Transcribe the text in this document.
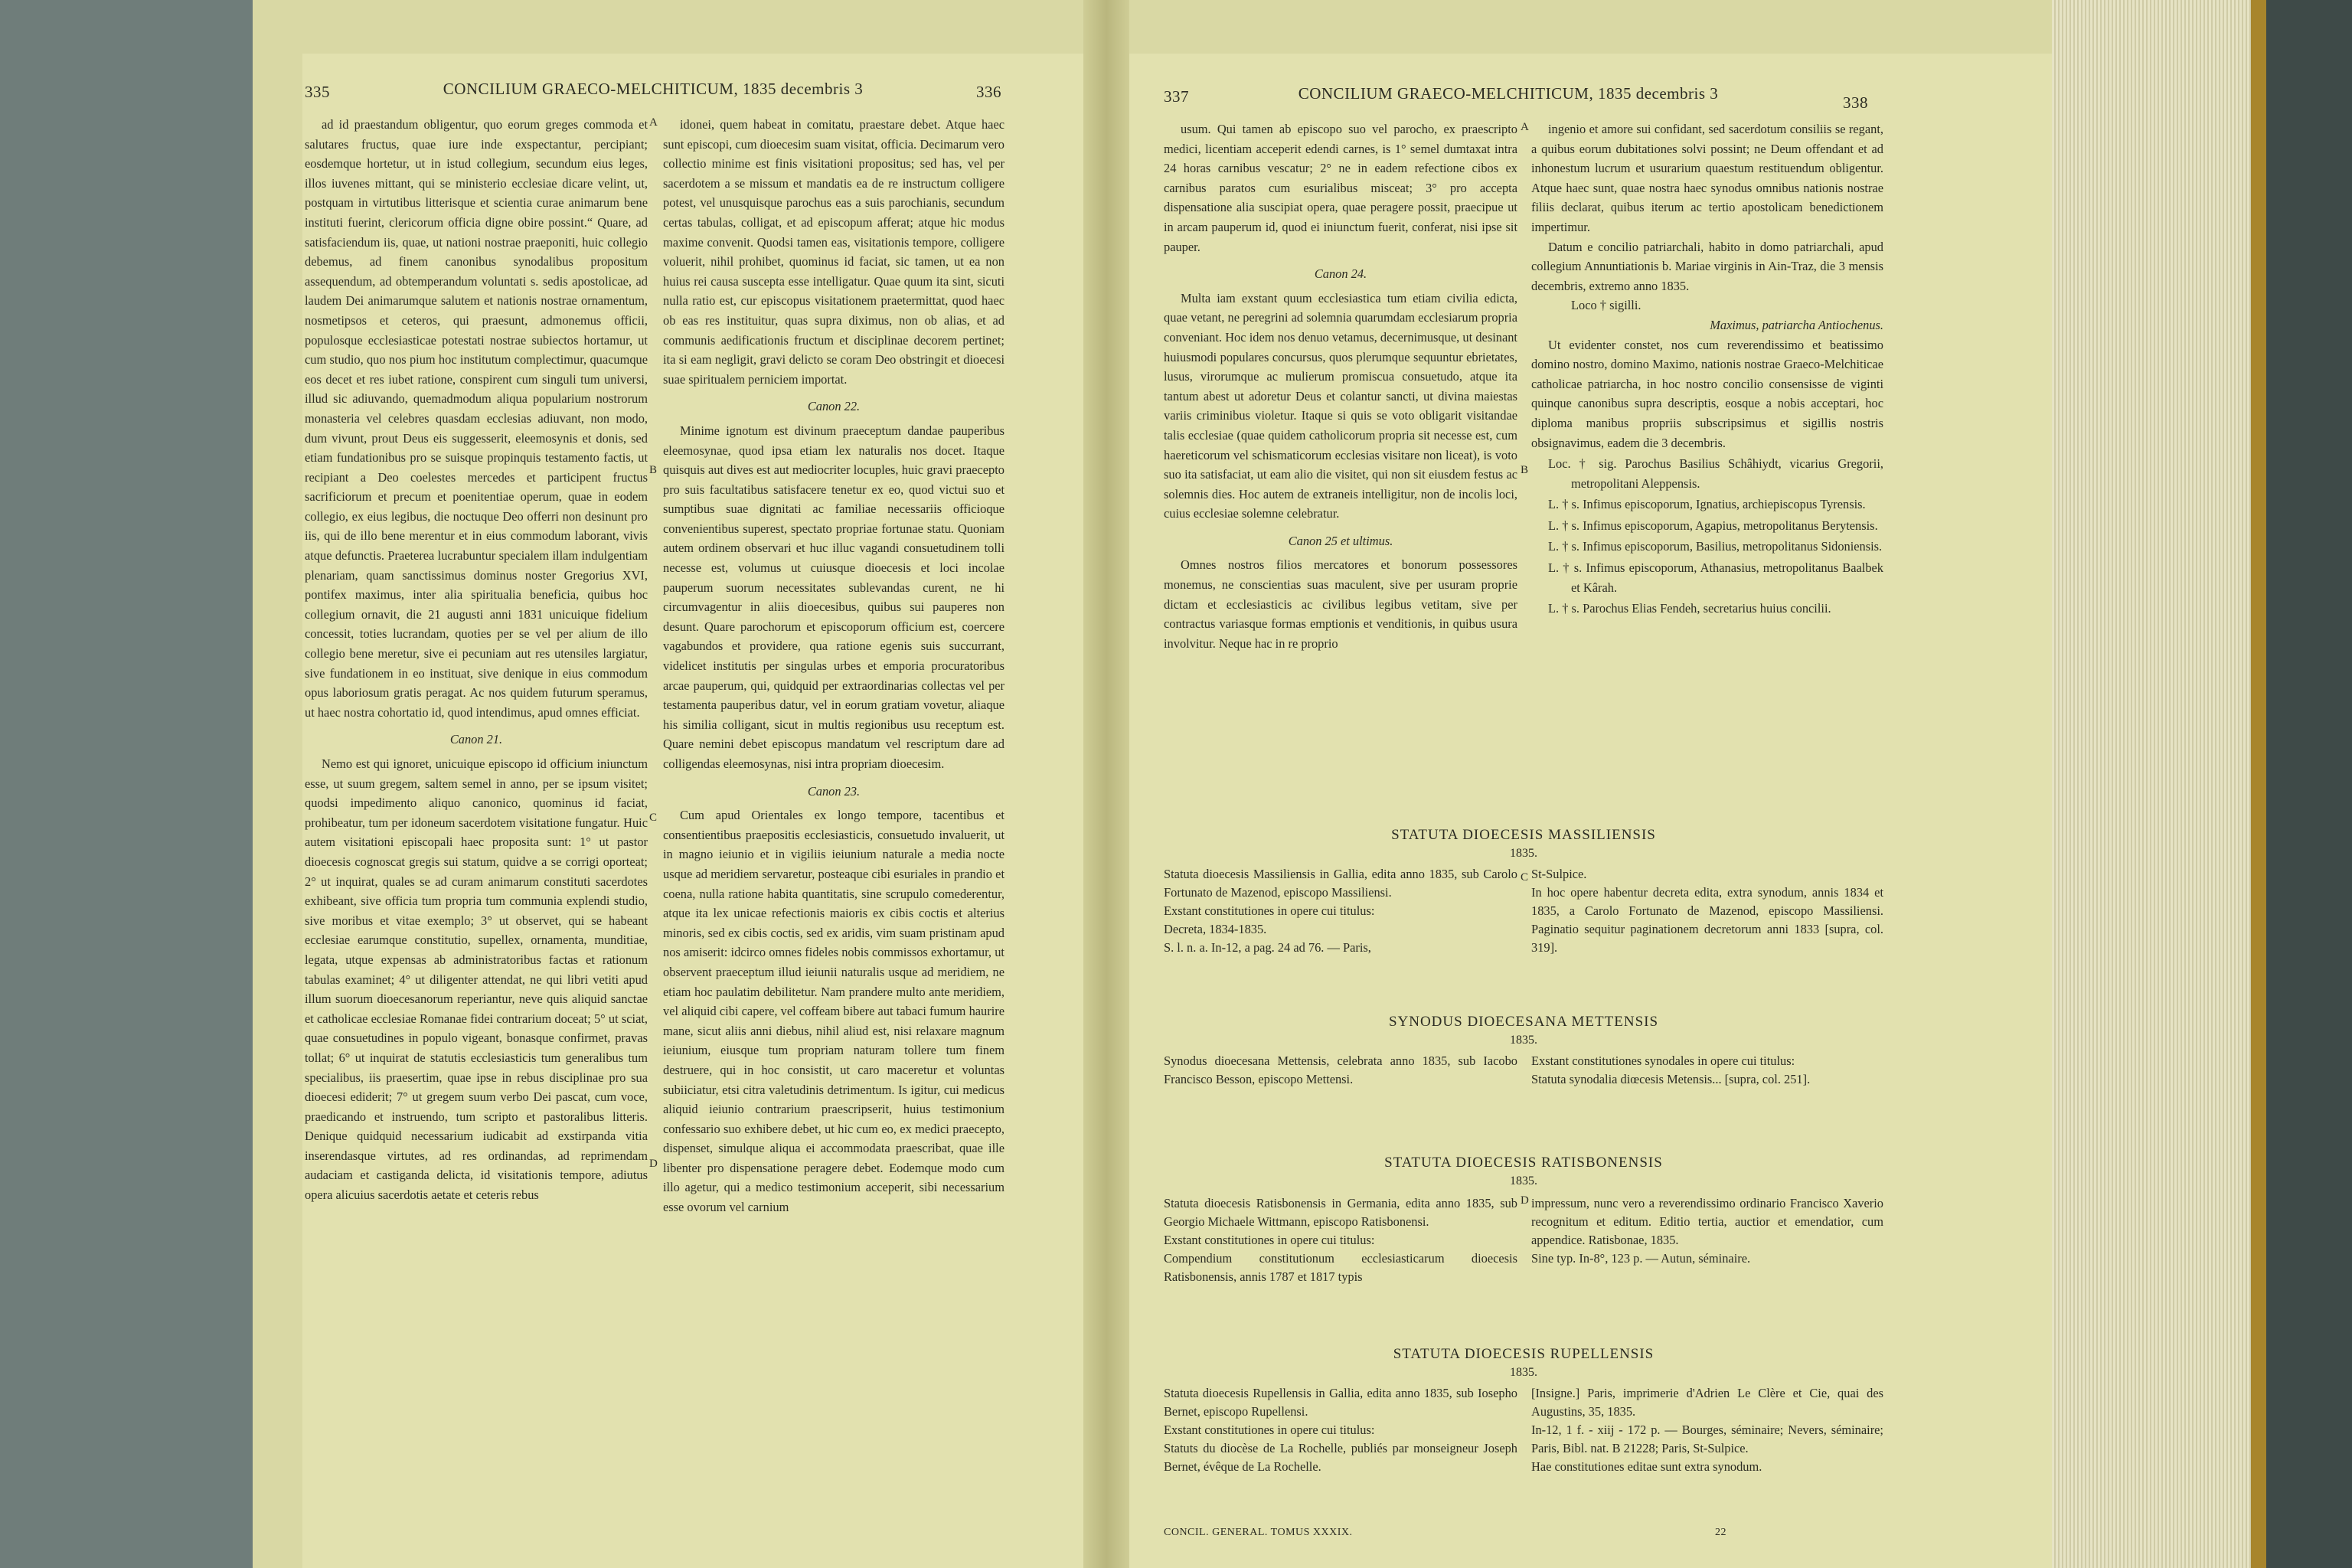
335	CONCILIUM GRAECO-MELCHITICUM, 1835 decembris 3	336

ad id praestandum obligentur, quo eorum greges commoda et salutares fructus, quae iure inde exspectantur, percipiant; eosdemque hortetur, ut in istud collegium, secundum eius leges, illos iuvenes mittant, qui se ministerio ecclesiae dicare velint, ut, postquam in virtutibus litterisque et scientia curae animarum bene instituti fuerint, clericorum officia digne obire possint.“ Quare, ad satisfaciendum iis, quae, ut nationi nostrae praeponiti, huic collegio debemus, ad finem canonibus synodalibus propositum assequendum, ad obtemperandum voluntati s. sedis apostolicae, ad laudem Dei animarumque salutem et nationis nostrae ornamentum, nosmetipsos et ceteros, qui praesunt, admonemus officii, populosque ecclesiasticae potestati nostrae subiectos hortamur, ut cum studio, quo nos pium hoc institutum complectimur, quacumque eos decet et res iubet ratione, conspirent cum singuli tum universi, illud sic adiuvando, quemadmodum aliqua popularium nostrorum monasteria vel celebres quasdam ecclesias adiuvant, non modo, dum vivunt, prout Deus eis suggesserit, eleemosynis et donis, sed etiam fundationibus pro se suisque propinquis testamento factis, ut recipiant a Deo coelestes mercedes et participent fructus sacrificiorum et precum et poenitentiae operum, quae in eodem collegio, ex eius legibus, die noctuque Deo offerri non desinunt pro iis, qui de illo bene merentur et in eius commodum laborant, vivis atque defunctis. Praeterea lucrabuntur specialem illam indulgentiam plenariam, quam sanctissimus dominus noster Gregorius XVI, pontifex maximus, inter alia spiritualia beneficia, quibus hoc collegium ornavit, die 21 augusti anni 1831 unicuique fidelium concessit, toties lucrandam, quoties per se vel per alium de illo collegio bene meretur, sive ei pecuniam aut res utensiles largiatur, sive fundationem in eo instituat, sive denique in eius commodum opus laboriosum gratis peragat. Ac nos quidem futurum speramus, ut haec nostra cohortatio id, quod intendimus, apud omnes efficiat.

Canon 21.

Nemo est qui ignoret, unicuique episcopo id officium iniunctum esse, ut suum gregem, saltem semel in anno, per se ipsum visitet; quodsi impedimento aliquo canonico, quominus id faciat, prohibeatur, tum per idoneum sacerdotem visitatione fungatur. Huic autem visitationi episcopali haec proposita sunt: 1° ut pastor dioecesis cognoscat gregis sui statum, quidve a se corrigi oporteat; 2° ut inquirat, quales se ad curam animarum constituti sacerdotes exhibeant, sive officia tum propria tum communia explendi studio, sive moribus et vitae exemplo; 3° ut observet, qui se habeant ecclesiae earumque constitutio, supellex, ornamenta, munditiae, legata, utque expensas ab administratoribus factas et rationum tabulas examinet; 4° ut diligenter attendat, ne qui libri vetiti apud illum suorum dioecesanorum reperiantur, neve quis aliquid sanctae et catholicae ecclesiae Romanae fidei contrarium doceat; 5° ut sciat, quae consuetudines in populo vigeant, bonasque confirmet, pravas tollat; 6° ut inquirat de statutis ecclesiasticis tum generalibus tum specialibus, iis praesertim, quae ipse in rebus disciplinae pro sua dioecesi ediderit; 7° ut gregem suum verbo Dei pascat, cum voce, praedicando et instruendo, tum scripto et pastoralibus litteris. Denique quidquid necessarium iudicabit ad exstirpanda vitia inserendasque virtutes, ad res ordinandas, ad reprimendam audaciam et castiganda delicta, id visitationis tempore, adiutus opera alicuius sacerdotis aetate et ceteris rebus

idonei, quem habeat in comitatu, praestare debet. Atque haec sunt episcopi, cum dioecesim suam visitat, officia. Decimarum vero collectio minime est finis visitationi propositus; sed has, vel per sacerdotem a se missum et mandatis ea de re instructum colligere potest, vel unusquisque parochus eas a suis parochianis, secundum certas tabulas, colligat, et ad episcopum afferat; atque hic modus maxime convenit. Quodsi tamen eas, visitationis tempore, colligere voluerit, nihil prohibet, quominus id faciat, sic tamen, ut ea non huius rei causa suscepta esse intelligatur. Quae quum ita sint, sicuti nulla ratio est, cur episcopus visitationem praetermittat, quod haec ob eas res instituitur, quas supra diximus, non ob alias, et ad communis aedificationis fructum et disciplinae decorem pertinet; ita si eam negligit, gravi delicto se coram Deo obstringit et dioecesi suae spiritualem perniciem importat.

Canon 22.

Minime ignotum est divinum praeceptum dandae pauperibus eleemosynae, quod ipsa etiam lex naturalis nos docet. Itaque quisquis aut dives est aut mediocriter locuples, huic gravi praecepto pro suis facultatibus satisfacere tenetur ex eo, quod victui suo et sumptibus suae dignitati ac familiae necessariis officioque convenientibus superest, spectato propriae fortunae statu. Quoniam autem ordinem observari et huc illuc vagandi consuetudinem tolli necesse est, volumus ut cuiusque dioecesis et loci incolae pauperum suorum necessitates sublevandas curent, ne hi circumvagentur in aliis dioecesibus, quibus sui pauperes non desunt. Quare parochorum et episcoporum officium est, coercere vagabundos et providere, qua ratione egenis suis succurrant, videlicet institutis per singulas urbes et emporia procuratoribus arcae pauperum, qui, quidquid per extraordinarias collectas vel per testamenta pauperibus datur, vel in eorum gratiam vovetur, aliaque his similia colligant, sicut in multis regionibus usu receptum est. Quare nemini debet episcopus mandatum vel rescriptum dare ad colligendas eleemosynas, nisi intra propriam dioecesim.

Canon 23.

Cum apud Orientales ex longo tempore, tacentibus et consentientibus praepositis ecclesiasticis, consuetudo invaluerit, ut in magno ieiunio et in vigiliis ieiunium naturale a media nocte usque ad meridiem servaretur, posteaque cibi esuriales in prandio et coena, nulla ratione habita quantitatis, sine scrupulo comederentur, atque ita lex unicae refectionis maioris ex cibis coctis et alterius minoris, sed ex cibis coctis, sed ex aridis, vim suam pristinam apud nos amiserit: idcirco omnes fideles nobis commissos exhortamur, ut observent praeceptum illud ieiunii naturalis usque ad meridiem, ne etiam hoc paulatim debilitetur. Nam prandere multo ante meridiem, vel aliquid cibi capere, vel coffeam bibere aut tabaci fumum haurire mane, sicut aliis anni diebus, nihil aliud est, nisi relaxare magnum ieiunium, eiusque tum propriam naturam tollere tum finem destruere, qui in hoc consistit, ut caro maceretur et voluntas subiiciatur, etsi citra valetudinis detrimentum. Is igitur, cui medicus aliquid ieiunio contrarium praescripserit, huius testimonium confessario suo exhibere debet, ut hic cum eo, ex medici praecepto, dispenset, simulque aliqua ei accommodata praescribat, quae ille libenter pro dispensatione peragere debet. Eodemque modo cum illo agetur, qui a medico testimonium acceperit, sibi necessarium esse ovorum vel carnium

A
B
C
D
337	CONCILIUM GRAECO-MELCHITICUM, 1835 decembris 3	338

usum. Qui tamen ab episcopo suo vel parocho, ex praescripto medici, licentiam acceperit edendi carnes, is 1° semel dumtaxat intra 24 horas carnibus vescatur; 2° ne in eadem refectione cibos ex carnibus paratos cum esurialibus misceat; 3° pro accepta dispensatione alia suscipiat opera, quae peragere possit, praecipue ut in arcam pauperum id, quod ei iniunctum fuerit, conferat, nisi ipse sit pauper.

Canon 24.

Multa iam exstant quum ecclesiastica tum etiam civilia edicta, quae vetant, ne peregrini ad solemnia quarumdam ecclesiarum propria conveniant. Hoc idem nos denuo vetamus, decernimusque, ut desinant huiusmodi populares concursus, quos plerumque sequuntur ebrietates, lusus, virorumque ac mulierum promiscua consuetudo, atque ita tantum abest ut adoretur Deus et colantur sancti, ut divina maiestas variis criminibus violetur. Itaque si quis se voto obligarit visitandae talis ecclesiae (quae quidem catholicorum propria sit necesse est, cum haereticorum vel schismaticorum ecclesias visitare non liceat), is voto suo ita satisfaciat, ut eam alio die visitet, qui non sit eiusdem festus ac solemnis dies. Hoc autem de extraneis intelligitur, non de incolis loci, cuius ecclesiae solemne celebratur.

Canon 25 et ultimus.

Omnes nostros filios mercatores et bonorum possessores monemus, ne conscientias suas maculent, sive per usuram proprie dictam et ecclesiasticis ac civilibus legibus vetitam, sive per contractus variasque formas emptionis et venditionis, in quibus usura involvitur. Neque hac in re proprio

ingenio et amore sui confidant, sed sacerdotum consiliis se regant, a quibus eorum dubitationes solvi possint; ne Deum offendant et ad inhonestum lucrum et usurarium quaestum restituendum obligentur. Atque haec sunt, quae nostra haec synodus omnibus nationis nostrae filiis declarat, quibus iterum ac tertio apostolicam benedictionem impertimur.

Datum e concilio patriarchali, habito in domo patriarchali, apud collegium Annuntiationis b. Mariae virginis in Ain-Traz, die 3 mensis decembris, extremo anno 1835.

Loco † sigilli.

Maximus, patriarcha Antiochenus.

Ut evidenter constet, nos cum reverendissimo et beatissimo domino nostro, domino Maximo, nationis nostrae Graeco-Melchiticae catholicae patriarcha, in hoc nostro concilio consensisse de viginti quinque canonibus supra descriptis, eosque a nobis acceptari, hoc diploma manibus propriis subscripsimus et sigillis nostris obsignavimus, eadem die 3 decembris.

Loc. † sig. Parochus Basilius Schâhiydt, vicarius Gregorii, metropolitani Aleppensis.

L. † s. Infimus episcoporum, Ignatius, archiepiscopus Tyrensis.

L. † s. Infimus episcoporum, Agapius, metropolitanus Berytensis.

L. † s. Infimus episcoporum, Basilius, metropolitanus Sidoniensis.

L. † s. Infimus episcoporum, Athanasius, metropolitanus Baalbek et Kârah.

L. † s. Parochus Elias Fendeh, secretarius huius concilii.

A
B
C
D
STATUTA DIOECESIS MASSILIENSIS
1835.
Statuta dioecesis Massiliensis in Gallia, edita anno 1835, sub Carolo Fortunato de Mazenod, episcopo Massiliensi.
Exstant constitutiones in opere cui titulus:
Decreta, 1834-1835.
S. l. n. a. In-12, a pag. 24 ad 76. — Paris,
St-Sulpice.
In hoc opere habentur decreta edita, extra synodum, annis 1834 et 1835, a Carolo Fortunato de Mazenod, episcopo Massiliensi. Paginatio sequitur paginationem decretorum anni 1833 [supra, col. 319].
SYNODUS DIOECESANA METTENSIS
1835.
Synodus dioecesana Mettensis, celebrata anno 1835, sub Iacobo Francisco Besson, episcopo Mettensi.
Exstant constitutiones synodales in opere cui titulus:
Statuta synodalia diœcesis Metensis... [supra, col. 251].
STATUTA DIOECESIS RATISBONENSIS
1835.
Statuta dioecesis Ratisbonensis in Germania, edita anno 1835, sub Georgio Michaele Wittmann, episcopo Ratisbonensi.
Exstant constitutiones in opere cui titulus:
Compendium constitutionum ecclesiasticarum dioecesis Ratisbonensis, annis 1787 et 1817 typis
impressum, nunc vero a reverendissimo ordinario Francisco Xaverio recognitum et editum. Editio tertia, auctior et emendatior, cum appendice. Ratisbonae, 1835.
Sine typ. In-8°, 123 p. — Autun, séminaire.
STATUTA DIOECESIS RUPELLENSIS
1835.
Statuta dioecesis Rupellensis in Gallia, edita anno 1835, sub Iosepho Bernet, episcopo Rupellensi.
Exstant constitutiones in opere cui titulus:
Statuts du diocèse de La Rochelle, publiés par monseigneur Joseph Bernet, évêque de La Rochelle.
[Insigne.] Paris, imprimerie d'Adrien Le Clère et Cie, quai des Augustins, 35, 1835.
In-12, 1 f. - xiij - 172 p. — Bourges, séminaire; Nevers, séminaire; Paris, Bibl. nat. B 21228; Paris, St-Sulpice.
Hae constitutiones editae sunt extra synodum.
CONCIL. GENERAL. TOMUS XXXIX.	22
